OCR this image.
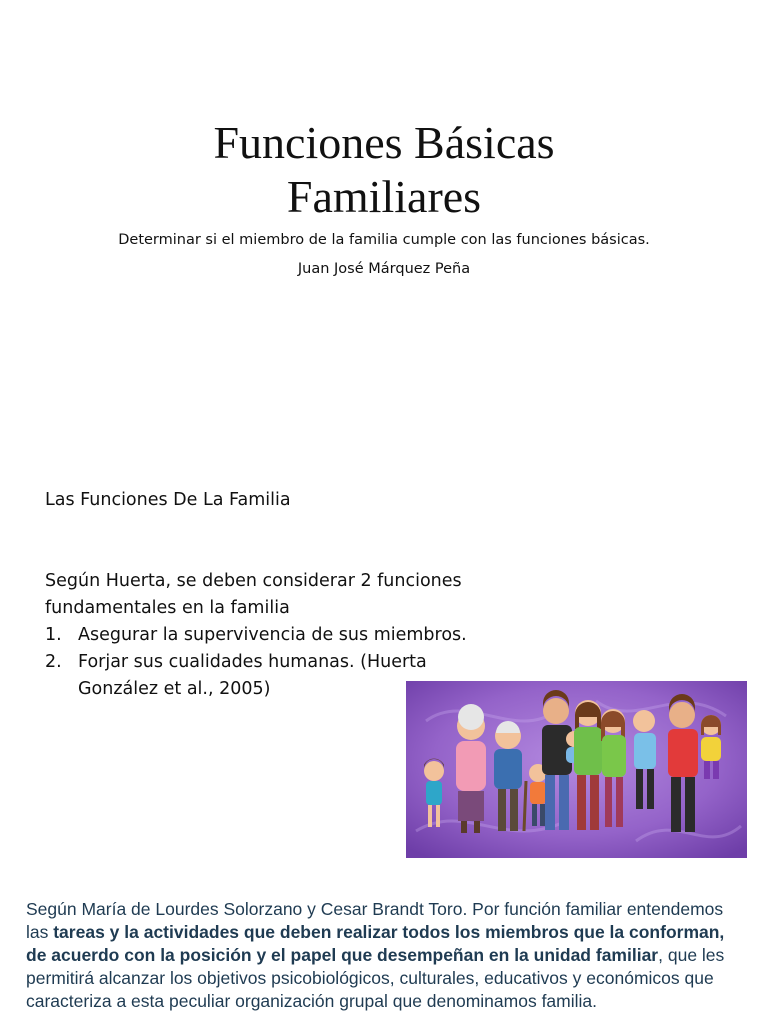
Funciones Básicas
Familiares
Determinar si el miembro de la familia cumple con las funciones básicas.
Juan José Márquez Peña
Las Funciones De La Familia
Según Huerta, se deben considerar 2 funciones fundamentales en la familia
1. Asegurar la supervivencia de sus miembros.
2. Forjar sus cualidades humanas. (Huerta González et al., 2005)
Según María de Lourdes Solorzano y Cesar Brandt Toro. Por función familiar entendemos las tareas y la actividades que deben realizar todos los miembros que la conforman, de acuerdo con la posición y el papel que desempeñan en la unidad familiar, que les permitirá alcanzar los objetivos psicobiológicos, culturales, educativos y económicos que caracteriza a esta peculiar organización grupal que denominamos familia.
